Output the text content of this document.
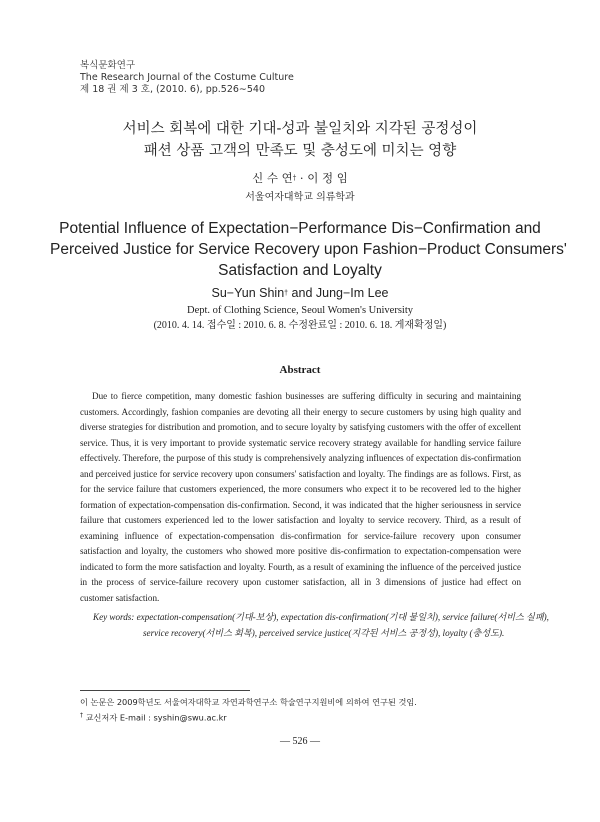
복식문화연구
The Research Journal of the Costume Culture
제 18 권 제 3 호, (2010. 6), pp.526∼540
서비스 회복에 대한 기대-성과 불일치와 지각된 공정성이
패션 상품 고객의 만족도 및 충성도에 미치는 영향
신 수 연† · 이 정 임
서울여자대학교 의류학과
Potential Influence of Expectation−Performance Dis−Confirmation and
Perceived Justice for Service Recovery upon Fashion−Product Consumers'
Satisfaction and Loyalty
Su−Yun Shin† and Jung−Im Lee
Dept. of Clothing Science, Seoul Women's University
(2010. 4. 14. 접수일 : 2010. 6. 8. 수정완료일 : 2010. 6. 18. 게재확정일)
Abstract

Due to fierce competition, many domestic fashion businesses are suffering difficulty in securing and maintaining customers. Accordingly, fashion companies are devoting all their energy to secure customers by using high quality and diverse strategies for distribution and promotion, and to secure loyalty by satisfying customers with the offer of excellent service. Thus, it is very important to provide systematic service recovery strategy available for handling service failure effectively. Therefore, the purpose of this study is comprehensively analyzing influences of expectation dis-confirmation and perceived justice for service recovery upon consumers' satisfaction and loyalty. The findings are as follows. First, as for the service failure that customers experienced, the more consumers who expect it to be recovered led to the higher formation of expectation-compensation dis-confirmation. Second, it was indicated that the higher seriousness in service failure that customers experienced led to the lower satisfaction and loyalty to service recovery. Third, as a result of examining influence of expectation-compensation dis-confirmation for service-failure recovery upon consumer satisfaction and loyalty, the customers who showed more positive dis-confirmation to expectation-compensation were indicated to form the more satisfaction and loyalty. Fourth, as a result of examining the influence of the perceived justice in the process of service-failure recovery upon customer satisfaction, all in 3 dimensions of justice had effect on customer satisfaction.

Key words: expectation-compensation(기대-보상), expectation dis-confirmation(기대 불일치), service failure(서비스 실패), service recovery(서비스 회복), perceived service justice(지각된 서비스 공정성), loyalty (충성도).
이 논문은 2009학년도 서울여자대학교 자연과학연구소 학술연구지원비에 의하여 연구된 것임.
† 교신저자 E-mail : syshin@swu.ac.kr
― 526 ―
